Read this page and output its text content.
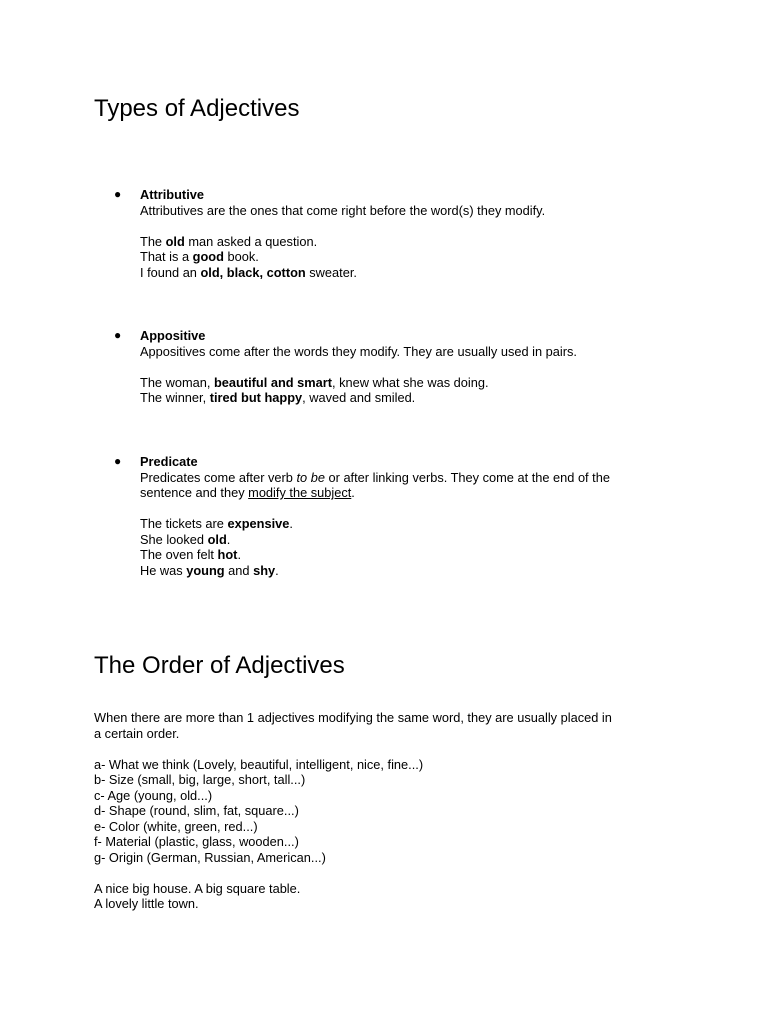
Types of Adjectives
● Attributive
Attributives are the ones that come right before the word(s) they modify.
The old man asked a question.
That is a good book.
I found an old, black, cotton sweater.
● Appositive
Appositives come after the words they modify. They are usually used in pairs.
The woman, beautiful and smart, knew what she was doing.
The winner, tired but happy, waved and smiled.
● Predicate
Predicates come after verb to be or after linking verbs. They come at the end of the
sentence and they modify the subject.
The tickets are expensive.
She looked old.
The oven felt hot.
He was young and shy.
The Order of Adjectives
When there are more than 1 adjectives modifying the same word, they are usually placed in
a certain order.
a- What we think (Lovely, beautiful, intelligent, nice, fine...)
b- Size (small, big, large, short, tall...)
c- Age (young, old...)
d- Shape (round, slim, fat, square...)
e- Color (white, green, red...)
f- Material (plastic, glass, wooden...)
g- Origin (German, Russian, American...)
A nice big house. A big square table.
A lovely little town.
